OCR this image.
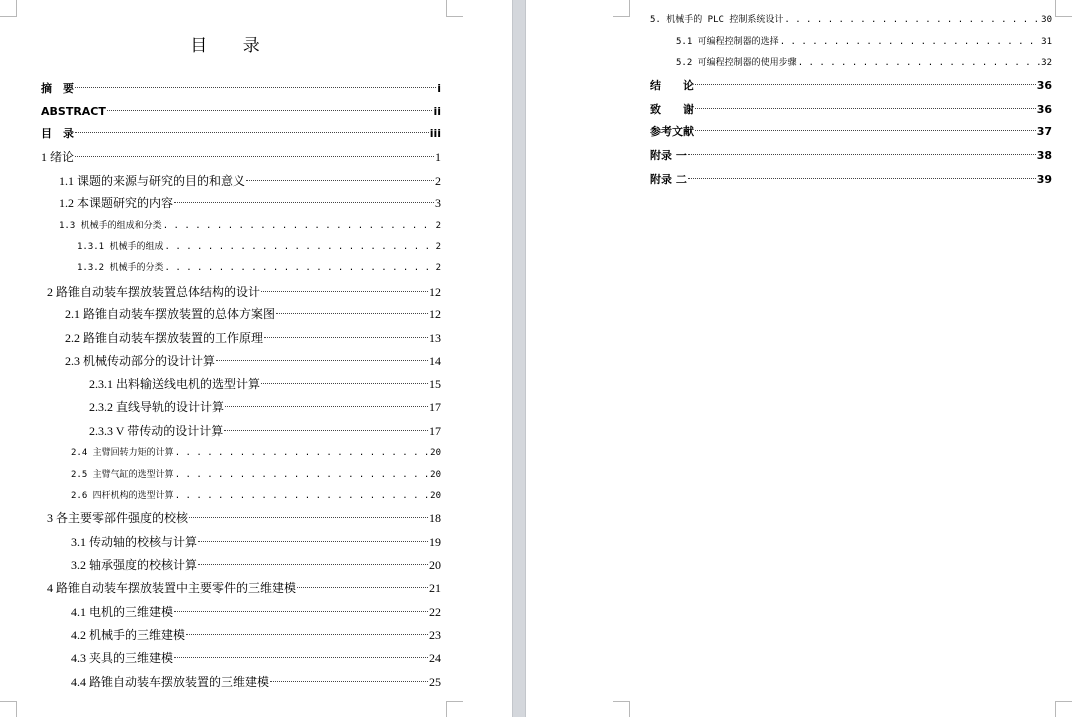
目 录
摘　要	i
ABSTRACT	ii
目　录	iii
1 绪论	1
1.1 课题的来源与研究的目的和意义	2
1.2 本课题研究的内容	3
1.3 机械手的组成和分类 . . .	2
1.3.1 机械手的组成 . . .	2
1.3.2 机械手的分类 . . .	2
2 路锥自动装车摆放装置总体结构的设计	12
2.1 路锥自动装车摆放装置的总体方案图	12
2.2 路锥自动装车摆放装置的工作原理	13
2.3 机械传动部分的设计计算	14
2.3.1 出料输送线电机的选型计算	15
2.3.2 直线导轨的设计计算	17
2.3.3 V 带传动的设计计算	17
2.4 主臂回转力矩的计算 . . .	20
2.5 主臂气缸的选型计算 . . .	20
2.6 四杆机构的选型计算 . . .	20
3 各主要零部件强度的校核	18
3.1 传动轴的校核与计算	19
3.2 轴承强度的校核计算	20
4 路锥自动装车摆放装置中主要零件的三维建模	21
4.1 电机的三维建模	22
4.2 机械手的三维建模	23
4.3 夹具的三维建模	24
4.4 路锥自动装车摆放装置的三维建模	25
5. 机械手的 PLC 控制系统设计 . . .	30
5.1 可编程控制器的选择 . . .	31
5.2 可编程控制器的使用步骤 . . .	32
结　　论	36
致　　谢	36
参考文献	37
附录 一	38
附录 二	39
